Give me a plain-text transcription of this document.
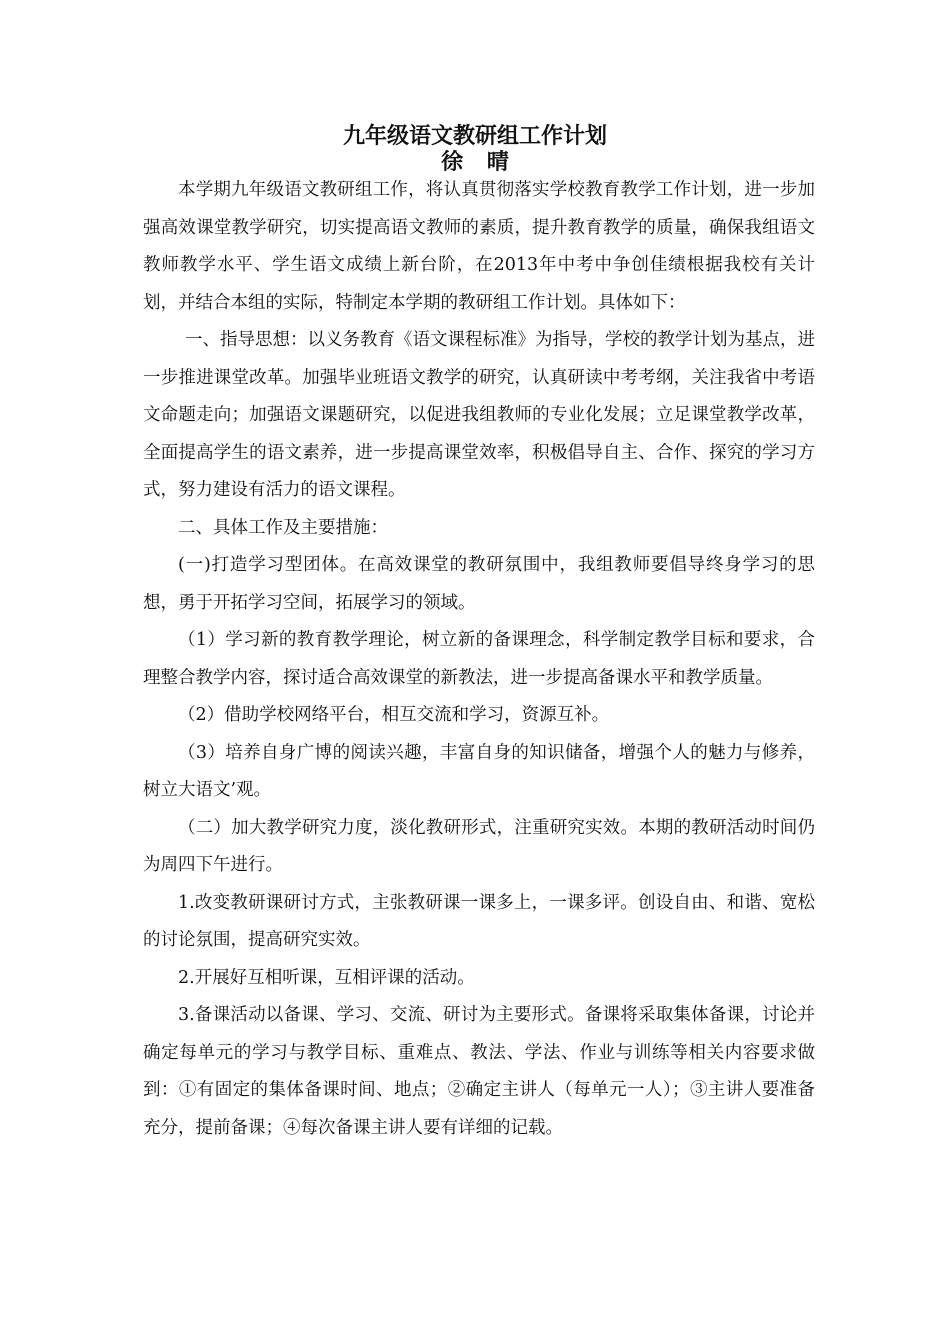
九年级语文教研组工作计划
徐 晴

本学期九年级语文教研组工作，将认真贯彻落实学校教育教学工作计划，进一步加强高效课堂教学研究，切实提高语文教师的素质，提升教育教学的质量，确保我组语文教师教学水平、学生语文成绩上新台阶，在2013年中考中争创佳绩根据我校有关计划，并结合本组的实际，特制定本学期的教研组工作计划。具体如下：

一、指导思想：以义务教育《语文课程标准》为指导，学校的教学计划为基点，进一步推进课堂改革。加强毕业班语文教学的研究，认真研读中考考纲，关注我省中考语文命题走向；加强语文课题研究，以促进我组教师的专业化发展；立足课堂教学改革，全面提高学生的语文素养，进一步提高课堂效率，积极倡导自主、合作、探究的学习方式，努力建设有活力的语文课程。

二、具体工作及主要措施：

(一)打造学习型团体。在高效课堂的教研氛围中，我组教师要倡导终身学习的思想，勇于开拓学习空间，拓展学习的领域。

（1）学习新的教育教学理论，树立新的备课理念，科学制定教学目标和要求，合理整合教学内容，探讨适合高效课堂的新教法，进一步提高备课水平和教学质量。

（2）借助学校网络平台，相互交流和学习，资源互补。

（3）培养自身广博的阅读兴趣，丰富自身的知识储备，增强个人的魅力与修养，树立大语文’观。

（二）加大教学研究力度，淡化教研形式，注重研究实效。本期的教研活动时间仍为周四下午进行。

1.改变教研课研讨方式，主张教研课一课多上，一课多评。创设自由、和谐、宽松的讨论氛围，提高研究实效。

2.开展好互相听课，互相评课的活动。

3.备课活动以备课、学习、交流、研讨为主要形式。备课将采取集体备课，讨论并确定每单元的学习与教学目标、重难点、教法、学法、作业与训练等相关内容要求做到：①有固定的集体备课时间、地点；②确定主讲人（每单元一人）；③主讲人要准备充分，提前备课；④每次备课主讲人要有详细的记载。
